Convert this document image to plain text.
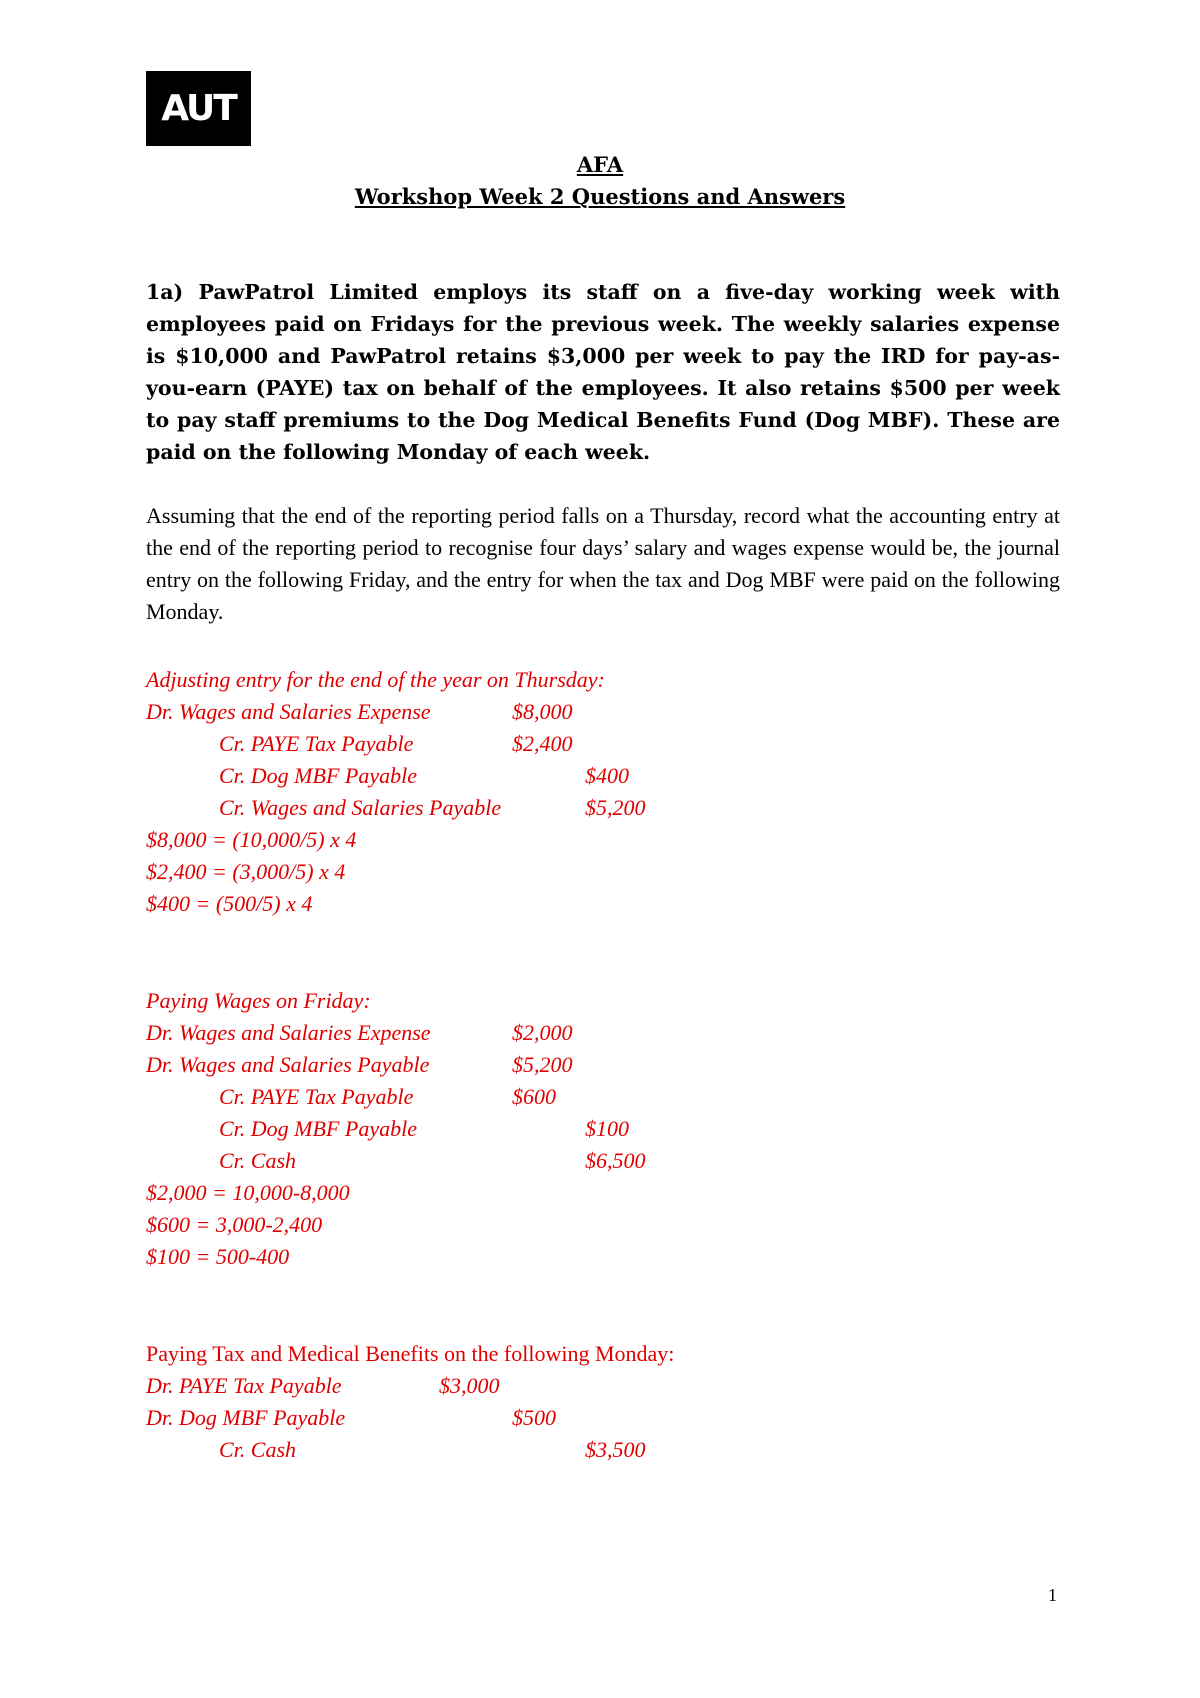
AUT
AFA
Workshop Week 2 Questions and Answers

1a) PawPatrol Limited employs its staff on a five-day working week with employees paid on Fridays for the previous week. The weekly salaries expense is $10,000 and PawPatrol retains $3,000 per week to pay the IRD for pay-as-you-earn (PAYE) tax on behalf of the employees. It also retains $500 per week to pay staff premiums to the Dog Medical Benefits Fund (Dog MBF). These are paid on the following Monday of each week.

Assuming that the end of the reporting period falls on a Thursday, record what the accounting entry at the end of the reporting period to recognise four days’ salary and wages expense would be, the journal entry on the following Friday, and the entry for when the tax and Dog MBF were paid on the following Monday.

Adjusting entry for the end of the year on Thursday:
Dr. Wages and Salaries Expense	$8,000
Cr. PAYE Tax Payable	$2,400
Cr. Dog MBF Payable	$400
Cr. Wages and Salaries Payable	$5,200
$8,000 = (10,000/5) x 4
$2,400 = (3,000/5) x 4
$400 = (500/5) x 4
Paying Wages on Friday:
Dr. Wages and Salaries Expense	$2,000
Dr. Wages and Salaries Payable	$5,200
Cr. PAYE Tax Payable	$600
Cr. Dog MBF Payable	$100
Cr. Cash	$6,500
$2,000 = 10,000-8,000
$600 = 3,000-2,400
$100 = 500-400
Paying Tax and Medical Benefits on the following Monday:
Dr. PAYE Tax Payable	$3,000
Dr. Dog MBF Payable	$500
Cr. Cash	$3,500
1
